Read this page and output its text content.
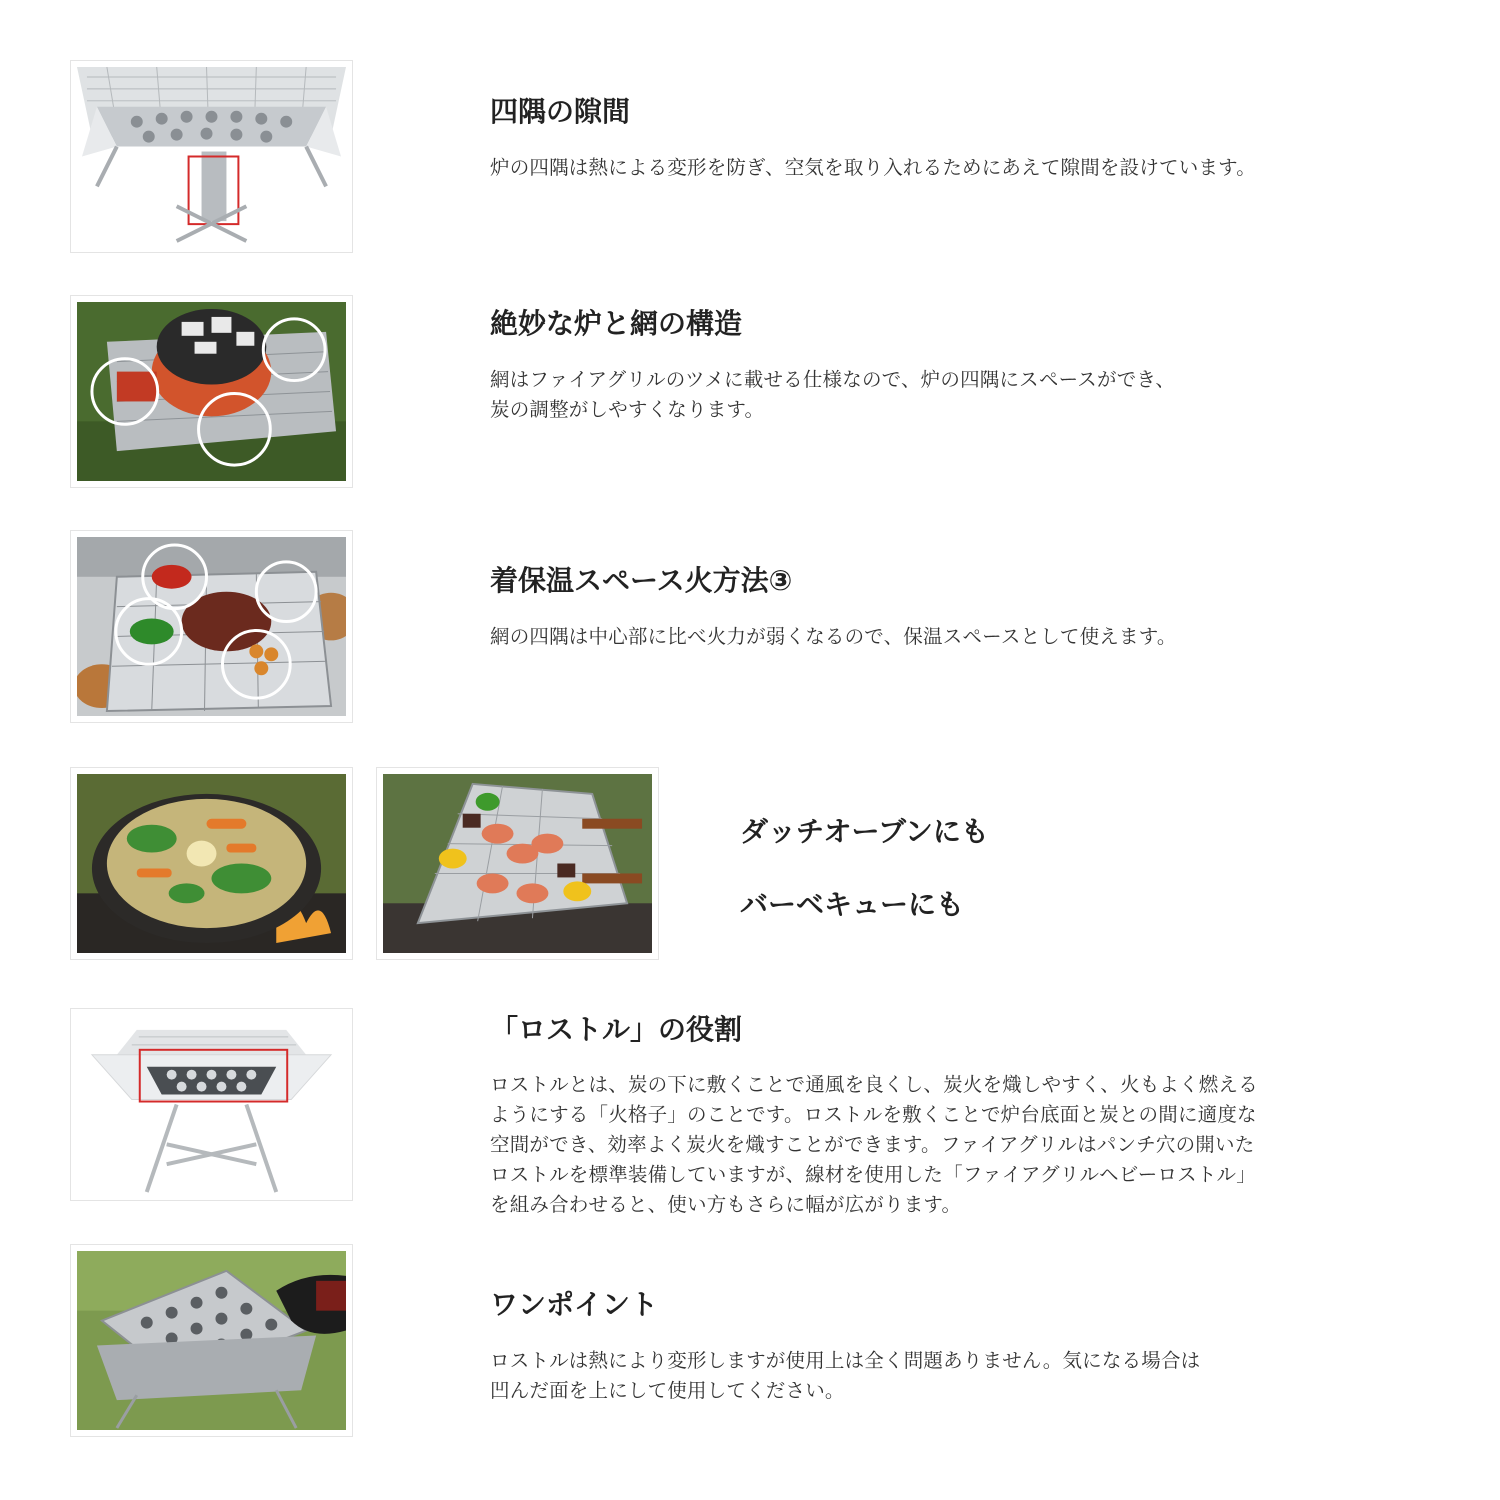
四隅の隙間
炉の四隅は熱による変形を防ぎ、空気を取り入れるためにあえて隙間を設けています。
絶妙な炉と網の構造
網はファイアグリルのツメに載せる仕様なので、炉の四隅にスペースができ、
炭の調整がしやすくなります。
着保温スペース火方法③
網の四隅は中心部に比べ火力が弱くなるので、保温スペースとして使えます。
ダッチオーブンにも
バーベキューにも
「ロストル」の役割
ロストルとは、炭の下に敷くことで通風を良くし、炭火を熾しやすく、火もよく燃える
ようにする「火格子」のことです。ロストルを敷くことで炉台底面と炭との間に適度な
空間ができ、効率よく炭火を熾すことができます。ファイアグリルはパンチ穴の開いた
ロストルを標準装備していますが、線材を使用した「ファイアグリルヘビーロストル」
を組み合わせると、使い方もさらに幅が広がります。
ワンポイント
ロストルは熱により変形しますが使用上は全く問題ありません。気になる場合は
凹んだ面を上にして使用してください。
